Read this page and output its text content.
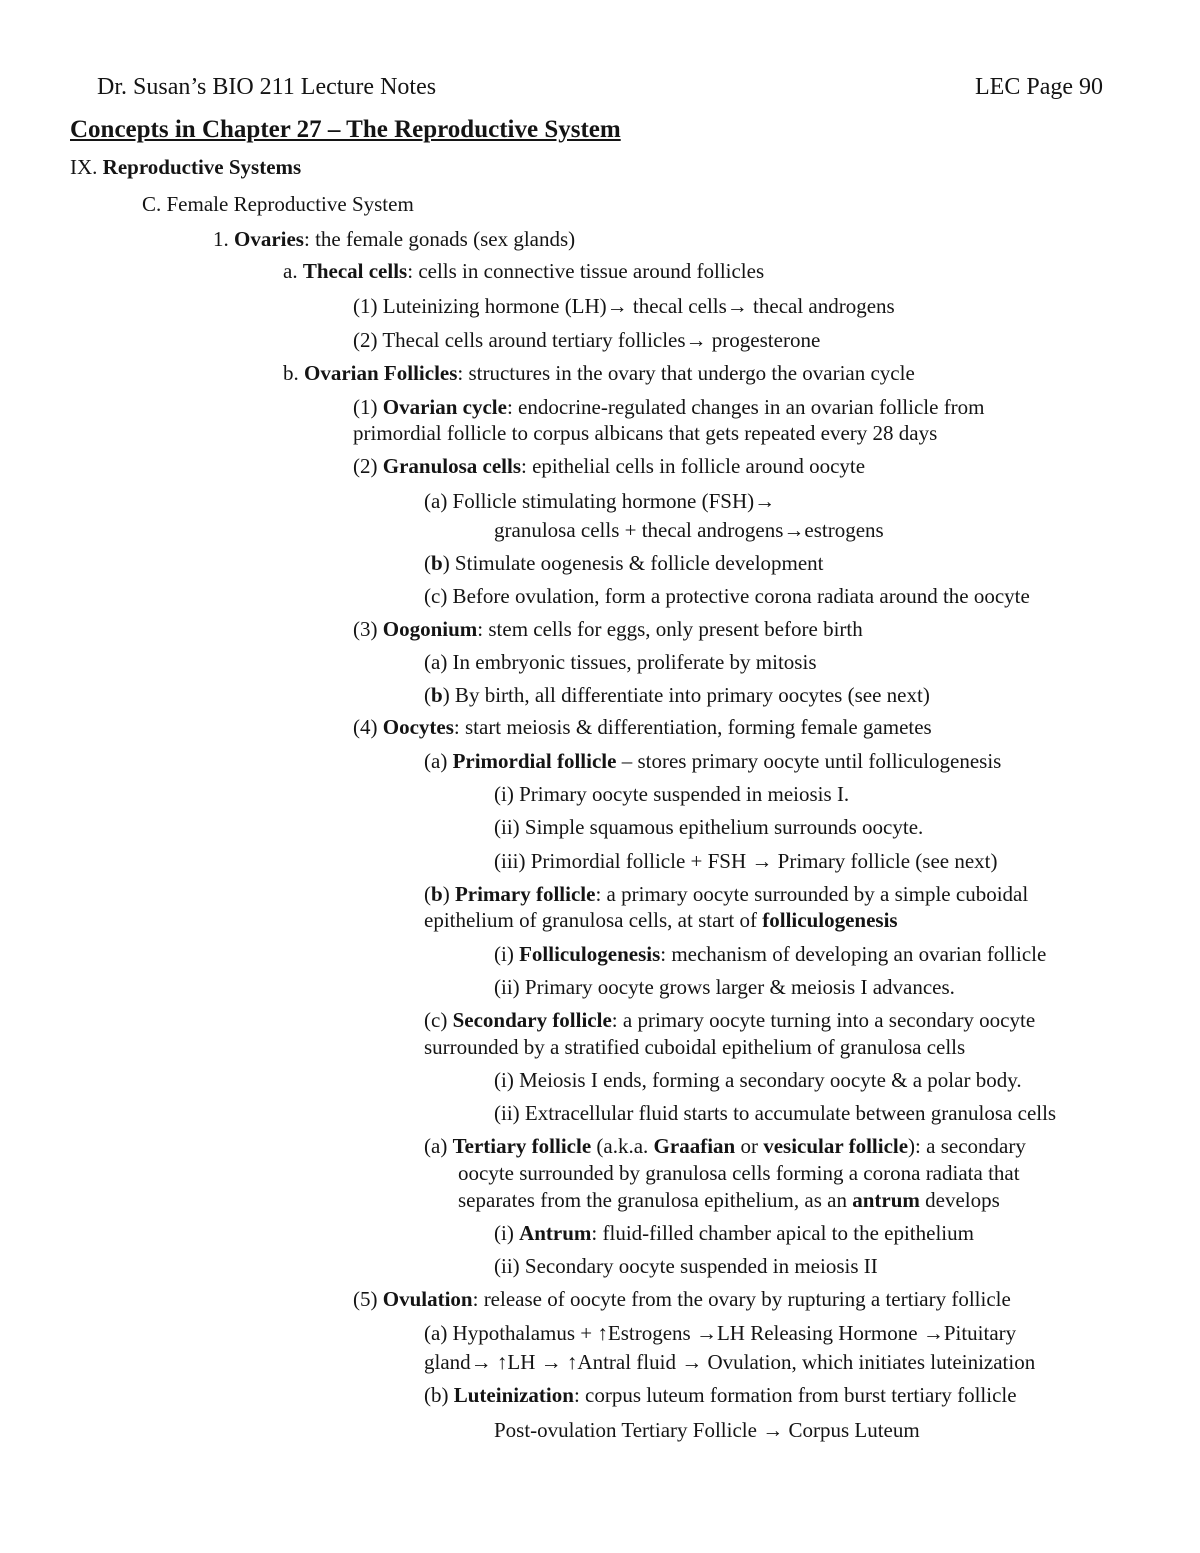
Dr. Susan’s BIO 211 Lecture Notes	LEC Page 90
Concepts in Chapter 27 – The Reproductive System
IX. Reproductive Systems
C. Female Reproductive System
1. Ovaries: the female gonads (sex glands)
a. Thecal cells: cells in connective tissue around follicles
(1) Luteinizing hormone (LH)→ thecal cells→ thecal androgens
(2) Thecal cells around tertiary follicles→ progesterone
b. Ovarian Follicles: structures in the ovary that undergo the ovarian cycle
(1) Ovarian cycle: endocrine-regulated changes in an ovarian follicle from
primordial follicle to corpus albicans that gets repeated every 28 days
(2) Granulosa cells: epithelial cells in follicle around oocyte
(a) Follicle stimulating hormone (FSH)→
granulosa cells + thecal androgens→estrogens
(b) Stimulate oogenesis & follicle development
(c) Before ovulation, form a protective corona radiata around the oocyte
(3) Oogonium: stem cells for eggs, only present before birth
(a) In embryonic tissues, proliferate by mitosis
(b) By birth, all differentiate into primary oocytes (see next)
(4) Oocytes: start meiosis & differentiation, forming female gametes
(a) Primordial follicle – stores primary oocyte until folliculogenesis
(i) Primary oocyte suspended in meiosis I.
(ii) Simple squamous epithelium surrounds oocyte.
(iii) Primordial follicle + FSH → Primary follicle (see next)
(b) Primary follicle: a primary oocyte surrounded by a simple cuboidal
epithelium of granulosa cells, at start of folliculogenesis
(i) Folliculogenesis: mechanism of developing an ovarian follicle
(ii) Primary oocyte grows larger & meiosis I advances.
(c) Secondary follicle: a primary oocyte turning into a secondary oocyte
surrounded by a stratified cuboidal epithelium of granulosa cells
(i) Meiosis I ends, forming a secondary oocyte & a polar body.
(ii) Extracellular fluid starts to accumulate between granulosa cells
(a) Tertiary follicle (a.k.a. Graafian or vesicular follicle): a secondary
oocyte surrounded by granulosa cells forming a corona radiata that
separates from the granulosa epithelium, as an antrum develops
(i) Antrum: fluid-filled chamber apical to the epithelium
(ii) Secondary oocyte suspended in meiosis II
(5) Ovulation: release of oocyte from the ovary by rupturing a tertiary follicle
(a) Hypothalamus + ↑Estrogens →LH Releasing Hormone →Pituitary
gland→ ↑LH → ↑Antral fluid → Ovulation, which initiates luteinization
(b) Luteinization: corpus luteum formation from burst tertiary follicle
Post-ovulation Tertiary Follicle → Corpus Luteum
